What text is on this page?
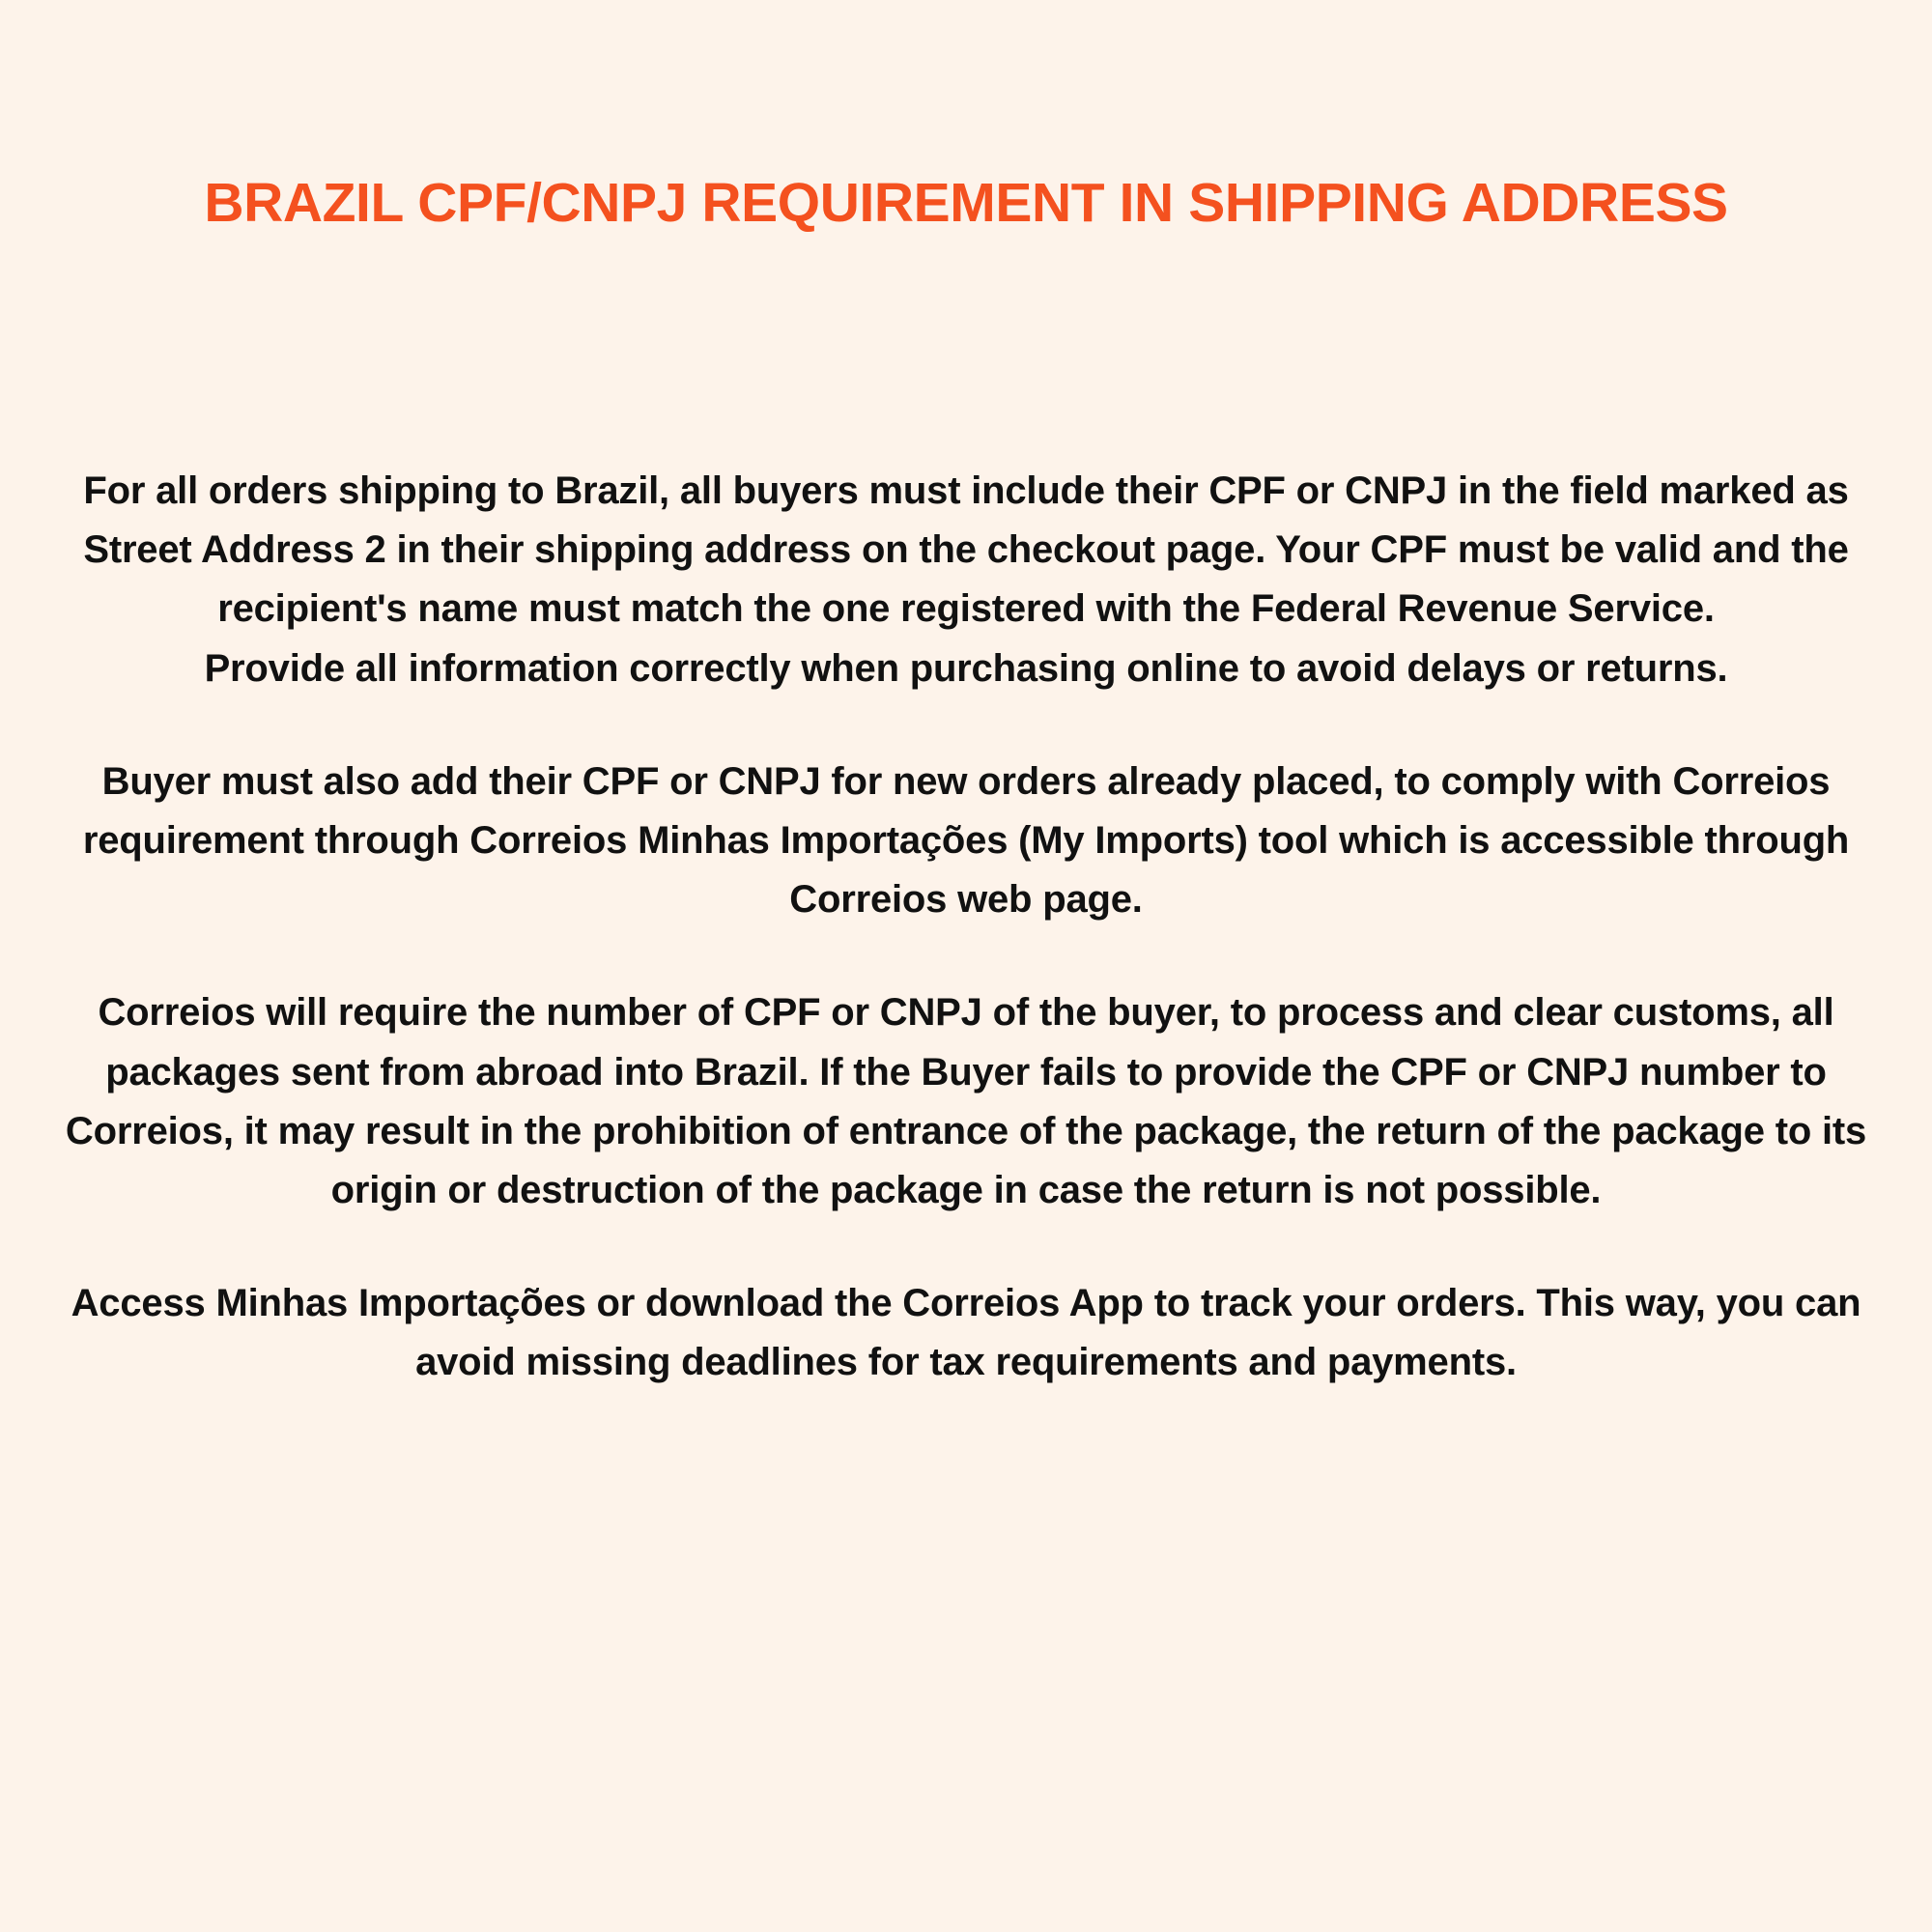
BRAZIL CPF/CNPJ REQUIREMENT IN SHIPPING ADDRESS

For all orders shipping to Brazil, all buyers must include their CPF or CNPJ in the field marked as Street Address 2 in their shipping address on the checkout page. Your CPF must be valid and the recipient's name must match the one registered with the Federal Revenue Service.
Provide all information correctly when purchasing online to avoid delays or returns.

Buyer must also add their CPF or CNPJ for new orders already placed, to comply with Correios requirement through Correios Minhas Importações (My Imports) tool which is accessible through Correios web page.

Correios will require the number of CPF or CNPJ of the buyer, to process and clear customs, all packages sent from abroad into Brazil. If the Buyer fails to provide the CPF or CNPJ number to Correios, it may result in the prohibition of entrance of the package, the return of the package to its origin or destruction of the package in case the return is not possible.

Access Minhas Importações or download the Correios App to track your orders. This way, you can avoid missing deadlines for tax requirements and payments.
